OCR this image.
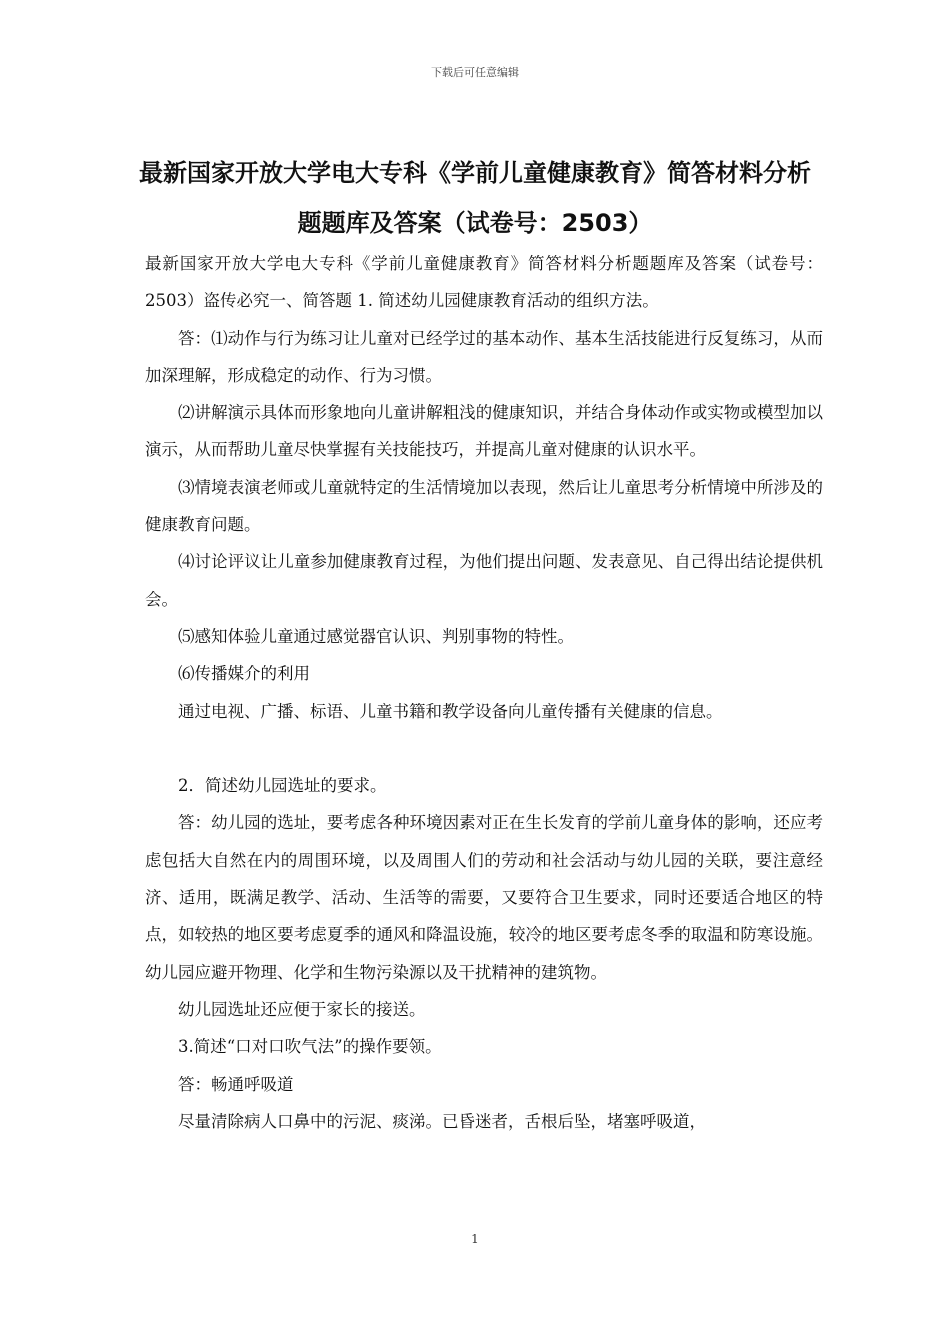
下载后可任意编辑
最新国家开放大学电大专科《学前儿童健康教育》简答材料分析题题库及答案（试卷号：2503）

最新国家开放大学电大专科《学前儿童健康教育》简答材料分析题题库及答案（试卷号：2503）盗传必究一、简答题 1. 简述幼儿园健康教育活动的组织方法。

答：⑴动作与行为练习让儿童对已经学过的基本动作、基本生活技能进行反复练习，从而加深理解，形成稳定的动作、行为习惯。

⑵讲解演示具体而形象地向儿童讲解粗浅的健康知识，并结合身体动作或实物或模型加以演示，从而帮助儿童尽快掌握有关技能技巧，并提高儿童对健康的认识水平。

⑶情境表演老师或儿童就特定的生活情境加以表现，然后让儿童思考分析情境中所涉及的健康教育问题。

⑷讨论评议让儿童参加健康教育过程，为他们提出问题、发表意见、自己得出结论提供机会。

⑸感知体验儿童通过感觉器官认识、判别事物的特性。

⑹传播媒介的利用

通过电视、广播、标语、儿童书籍和教学设备向儿童传播有关健康的信息。

2．简述幼儿园选址的要求。

答：幼儿园的选址，要考虑各种环境因素对正在生长发育的学前儿童身体的影响，还应考虑包括大自然在内的周围环境，以及周围人们的劳动和社会活动与幼儿园的关联，要注意经济、适用，既满足教学、活动、生活等的需要，又要符合卫生要求，同时还要适合地区的特点，如较热的地区要考虑夏季的通风和降温设施，较冷的地区要考虑冬季的取温和防寒设施。幼儿园应避开物理、化学和生物污染源以及干扰精神的建筑物。

幼儿园选址还应便于家长的接送。

3.简述“口对口吹气法”的操作要领。

答：畅通呼吸道

尽量清除病人口鼻中的污泥、痰涕。已昏迷者，舌根后坠，堵塞呼吸道，

1
